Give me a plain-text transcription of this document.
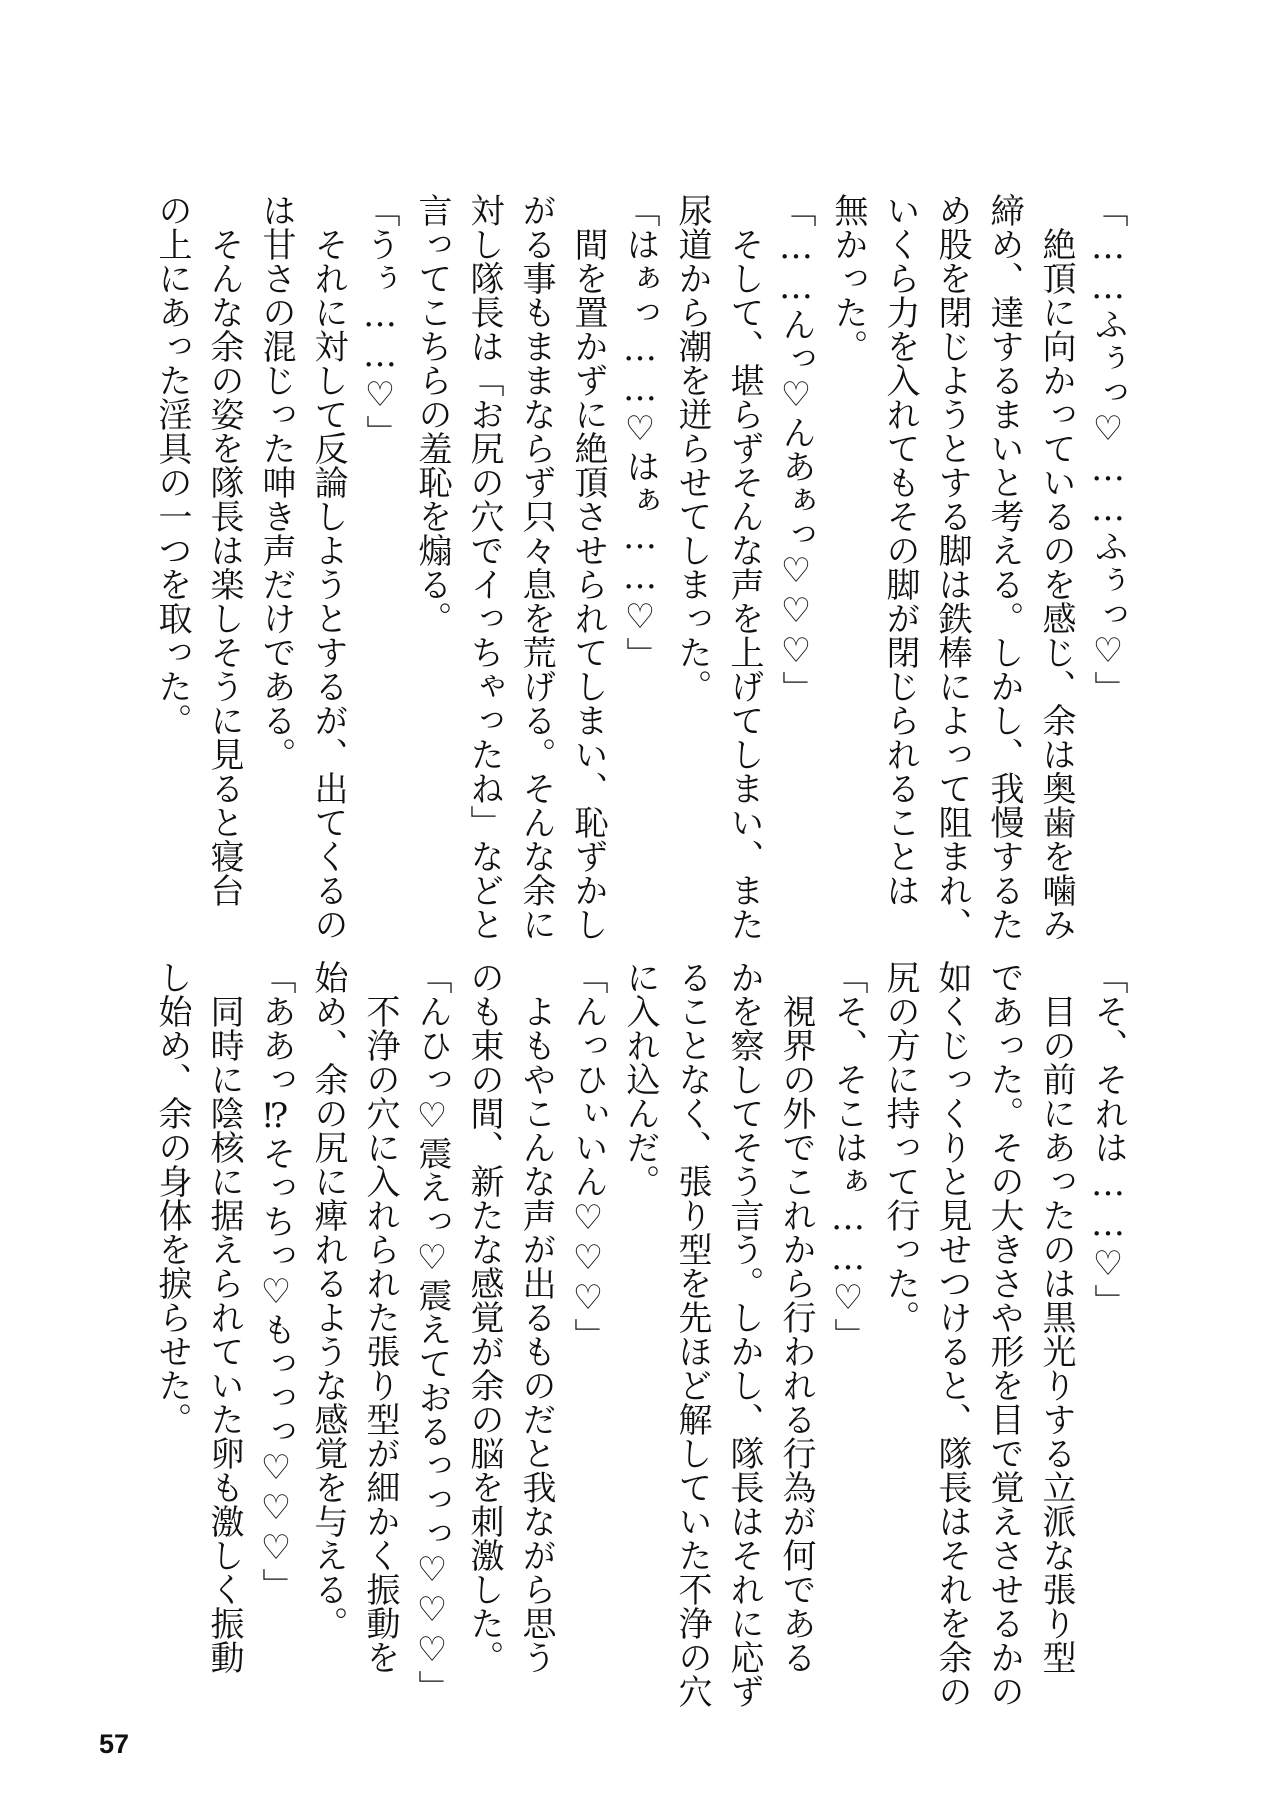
「……ふぅっ♡……ふぅっ♡」
　絶頂に向かっているのを感じ、余は奥歯を噛み
締め、達するまいと考える。しかし、我慢するた
め股を閉じようとする脚は鉄棒によって阻まれ、
いくら力を入れてもその脚が閉じられることは
無かった。
「……んっ♡んあぁっ♡♡♡」
　そして、堪らずそんな声を上げてしまい、また
尿道から潮を迸らせてしまった。
「はぁっ……♡はぁ……♡」
　間を置かずに絶頂させられてしまい、恥ずかし
がる事もままならず只々息を荒げる。そんな余に
対し隊長は「お尻の穴でイっちゃったね」などと
言ってこちらの羞恥を煽る。
「うぅ……♡」
　それに対して反論しようとするが、出てくるの
は甘さの混じった呻き声だけである。
　そんな余の姿を隊長は楽しそうに見ると寝台
の上にあった淫具の一つを取った。
「そ、それは……♡」
　目の前にあったのは黒光りする立派な張り型
であった。その大きさや形を目で覚えさせるかの
如くじっくりと見せつけると、隊長はそれを余の
尻の方に持って行った。
「そ、そこはぁ……♡」
　視界の外でこれから行われる行為が何である
かを察してそう言う。しかし、隊長はそれに応ず
ることなく、張り型を先ほど解していた不浄の穴
に入れ込んだ。
「んっひぃいん♡♡♡」
　よもやこんな声が出るものだと我ながら思う
のも束の間、新たな感覚が余の脳を刺激した。
「んひっ♡震えっ♡震えておるっっっ♡♡♡」
　不浄の穴に入れられた張り型が細かく振動を
始め、余の尻に痺れるような感覚を与える。
「ああっ⁉そっちっ♡もっっっ♡♡♡」
　同時に陰核に据えられていた卵も激しく振動
し始め、余の身体を捩らせた。
57
